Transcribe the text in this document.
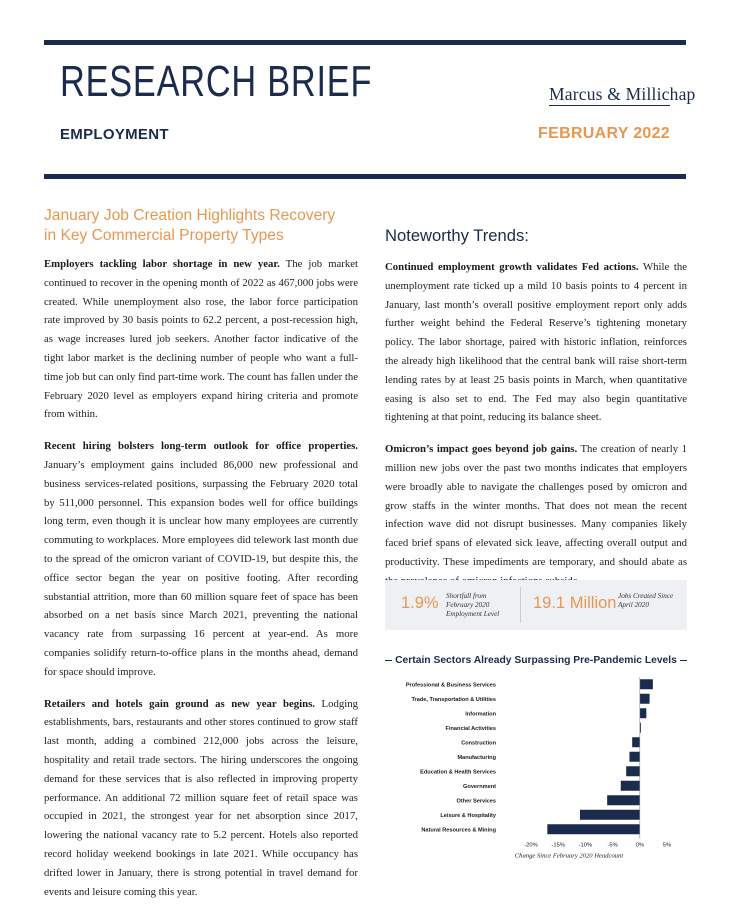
RESEARCH BRIEF	Marcus & Millichap
EMPLOYMENT	FEBRUARY 2022
January Job Creation Highlights Recovery
in Key Commercial Property Types

Employers tackling labor shortage in new year. The job market continued to recover in the opening month of 2022 as 467,000 jobs were created. While unemployment also rose, the labor force participation rate improved by 30 basis points to 62.2 percent, a post-recession high, as wage increases lured job seekers. Another factor indicative of the tight labor market is the declining number of people who want a full-time job but can only find part-time work. The count has fallen under the February 2020 level as employers expand hiring criteria and promote from within.

Recent hiring bolsters long-term outlook for office properties. January’s employment gains included 86,000 new professional and business services-related positions, surpassing the February 2020 total by 511,000 personnel. This expansion bodes well for office buildings long term, even though it is unclear how many employees are currently commuting to workplaces. More employees did telework last month due to the spread of the omicron variant of COVID-19, but despite this, the office sector began the year on positive footing. After recording substantial attrition, more than 60 million square feet of space has been absorbed on a net basis since March 2021, preventing the national vacancy rate from surpassing 16 percent at year-end. As more companies solidify return-to-office plans in the months ahead, demand for space should improve.

Retailers and hotels gain ground as new year begins. Lodging establishments, bars, restaurants and other stores continued to grow staff last month, adding a combined 212,000 jobs across the leisure, hospitality and retail trade sectors. The hiring underscores the ongoing demand for these services that is also reflected in improving property performance. An additional 72 million square feet of retail space was occupied in 2021, the strongest year for net absorption since 2017, lowering the national vacancy rate to 5.2 percent. Hotels also reported record holiday weekend bookings in late 2021. While occupancy has drifted lower in January, there is strong potential in travel demand for events and leisure coming this year.

Noteworthy Trends:

Continued employment growth validates Fed actions. While the unemployment rate ticked up a mild 10 basis points to 4 percent in January, last month’s overall positive employment report only adds further weight behind the Federal Reserve’s tightening monetary policy. The labor shortage, paired with historic inflation, reinforces the already high likelihood that the central bank will raise short-term lending rates by at least 25 basis points in March, when quantitative easing is also set to end. The Fed may also begin quantitative tightening at that point, reducing its balance sheet.

Omicron’s impact goes beyond job gains. The creation of nearly 1 million new jobs over the past two months indicates that employers were broadly able to navigate the challenges posed by omicron and grow staffs in the winter months. That does not mean the recent infection wave did not disrupt businesses. Many companies likely faced brief spans of elevated sick leave, affecting overall output and productivity. These impediments are temporary, and should abate as

1.9% Shortfall from
February 2020
Employment Level
19.1 Million Jobs Created Since
April 2020
Certain Sectors Already Surpassing Pre-Pandemic Levels
Professional & Business Services
Trade, Transportation & Utilities
Information
Financial Activities
Construction
Manufacturing
Education & Health Services
Government
Other Services
Leisure & Hospitality
Natural Resources & Mining
-20% -15% -10%	-5%	0%	5%
Change Since February 2020 Headcount
